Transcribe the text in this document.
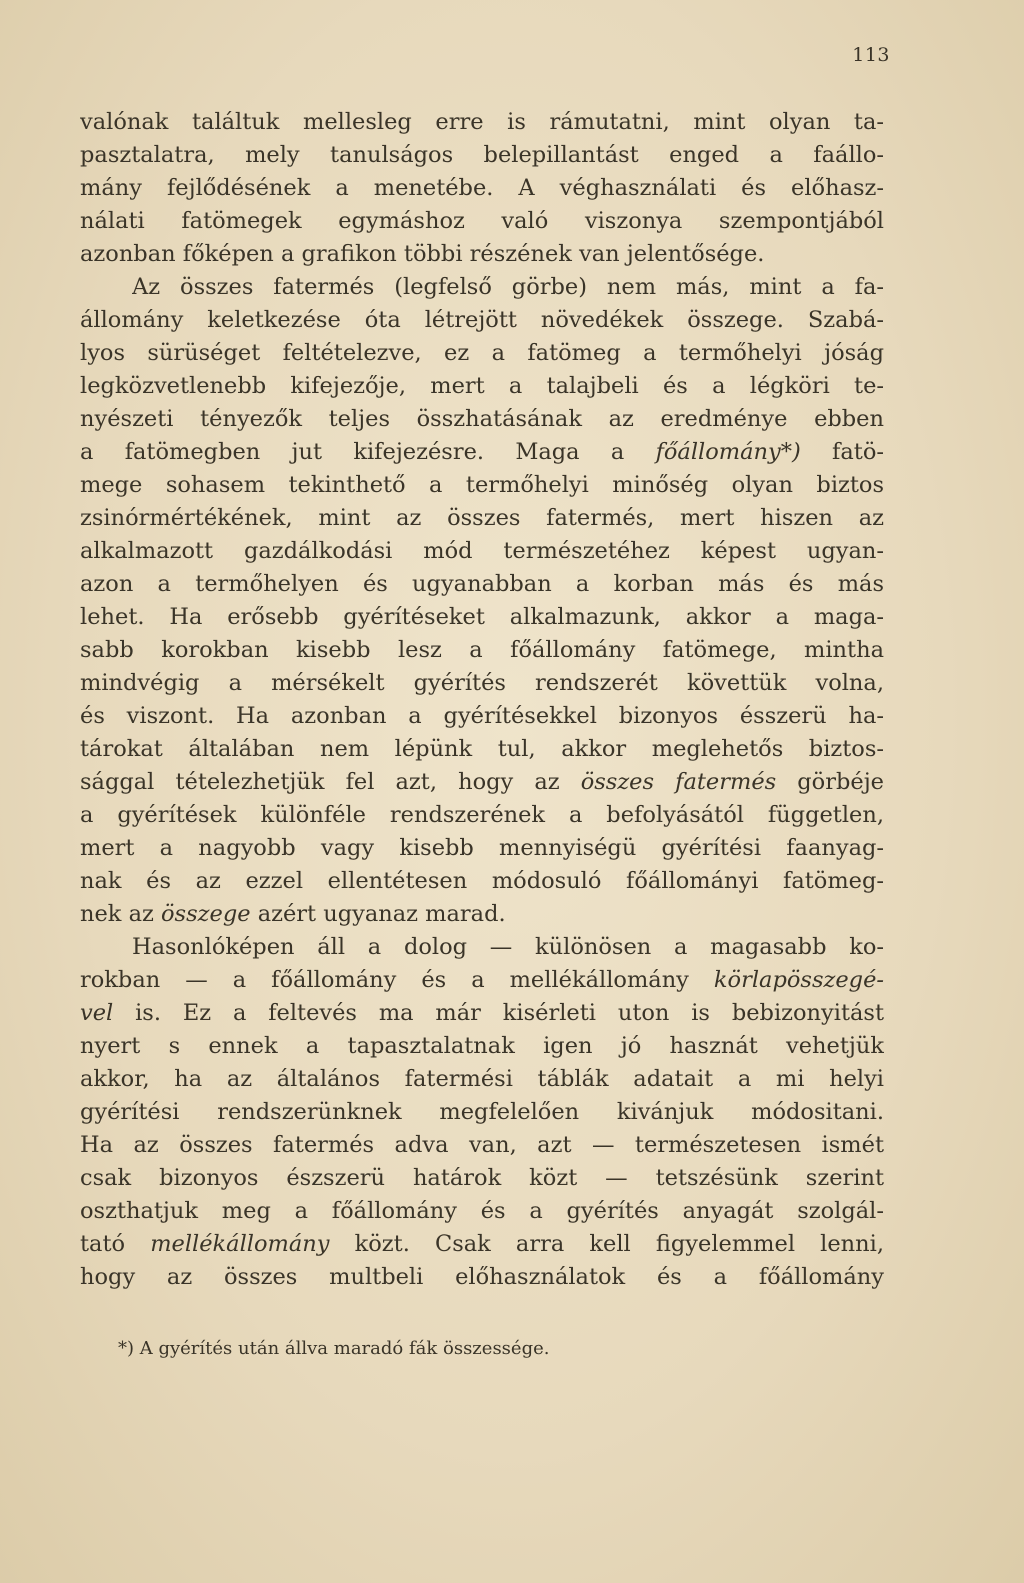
113
valónak találtuk mellesleg erre is rámutatni, mint olyan ta-
pasztalatra, mely tanulságos belepillantást enged a faállo-
mány fejlődésének a menetébe. A véghasználati és előhasz-
nálati fatömegek egymáshoz való viszonya szempontjából
azonban főképen a grafikon többi részének van jelentősége.
Az összes fatermés (legfelső görbe) nem más, mint a fa-
állomány keletkezése óta létrejött növedékek összege. Szabá-
lyos sürüséget feltételezve, ez a fatömeg a termőhelyi jóság
legközvetlenebb kifejezője, mert a talajbeli és a légköri te-
nyészeti tényezők teljes összhatásának az eredménye ebben
a fatömegben jut kifejezésre. Maga a főállomány*) fatö-
mege sohasem tekinthető a termőhelyi minőség olyan biztos
zsinórmértékének, mint az összes fatermés, mert hiszen az
alkalmazott gazdálkodási mód természetéhez képest ugyan-
azon a termőhelyen és ugyanabban a korban más és más
lehet. Ha erősebb gyérítéseket alkalmazunk, akkor a maga-
sabb korokban kisebb lesz a főállomány fatömege, mintha
mindvégig a mérsékelt gyérítés rendszerét követtük volna,
és viszont. Ha azonban a gyérítésekkel bizonyos ésszerü ha-
tárokat általában nem lépünk tul, akkor meglehetős biztos-
sággal tételezhetjük fel azt, hogy az összes fatermés görbéje
a gyérítések különféle rendszerének a befolyásától független,
mert a nagyobb vagy kisebb mennyiségü gyérítési faanyag-
nak és az ezzel ellentétesen módosuló főállományi fatömeg-
nek az összege azért ugyanaz marad.
Hasonlóképen áll a dolog — különösen a magasabb ko-
rokban — a főállomány és a mellékállomány körlapösszegé-
vel is. Ez a feltevés ma már kisérleti uton is bebizonyitást
nyert s ennek a tapasztalatnak igen jó hasznát vehetjük
akkor, ha az általános fatermési táblák adatait a mi helyi
gyérítési rendszerünknek megfelelően kivánjuk módositani.
Ha az összes fatermés adva van, azt — természetesen ismét
csak bizonyos észszerü határok közt — tetszésünk szerint
oszthatjuk meg a főállomány és a gyérítés anyagát szolgál-
tató mellékállomány közt. Csak arra kell figyelemmel lenni,
hogy az összes multbeli előhasználatok és a főállomány
*) A gyérítés után állva maradó fák összessége.
